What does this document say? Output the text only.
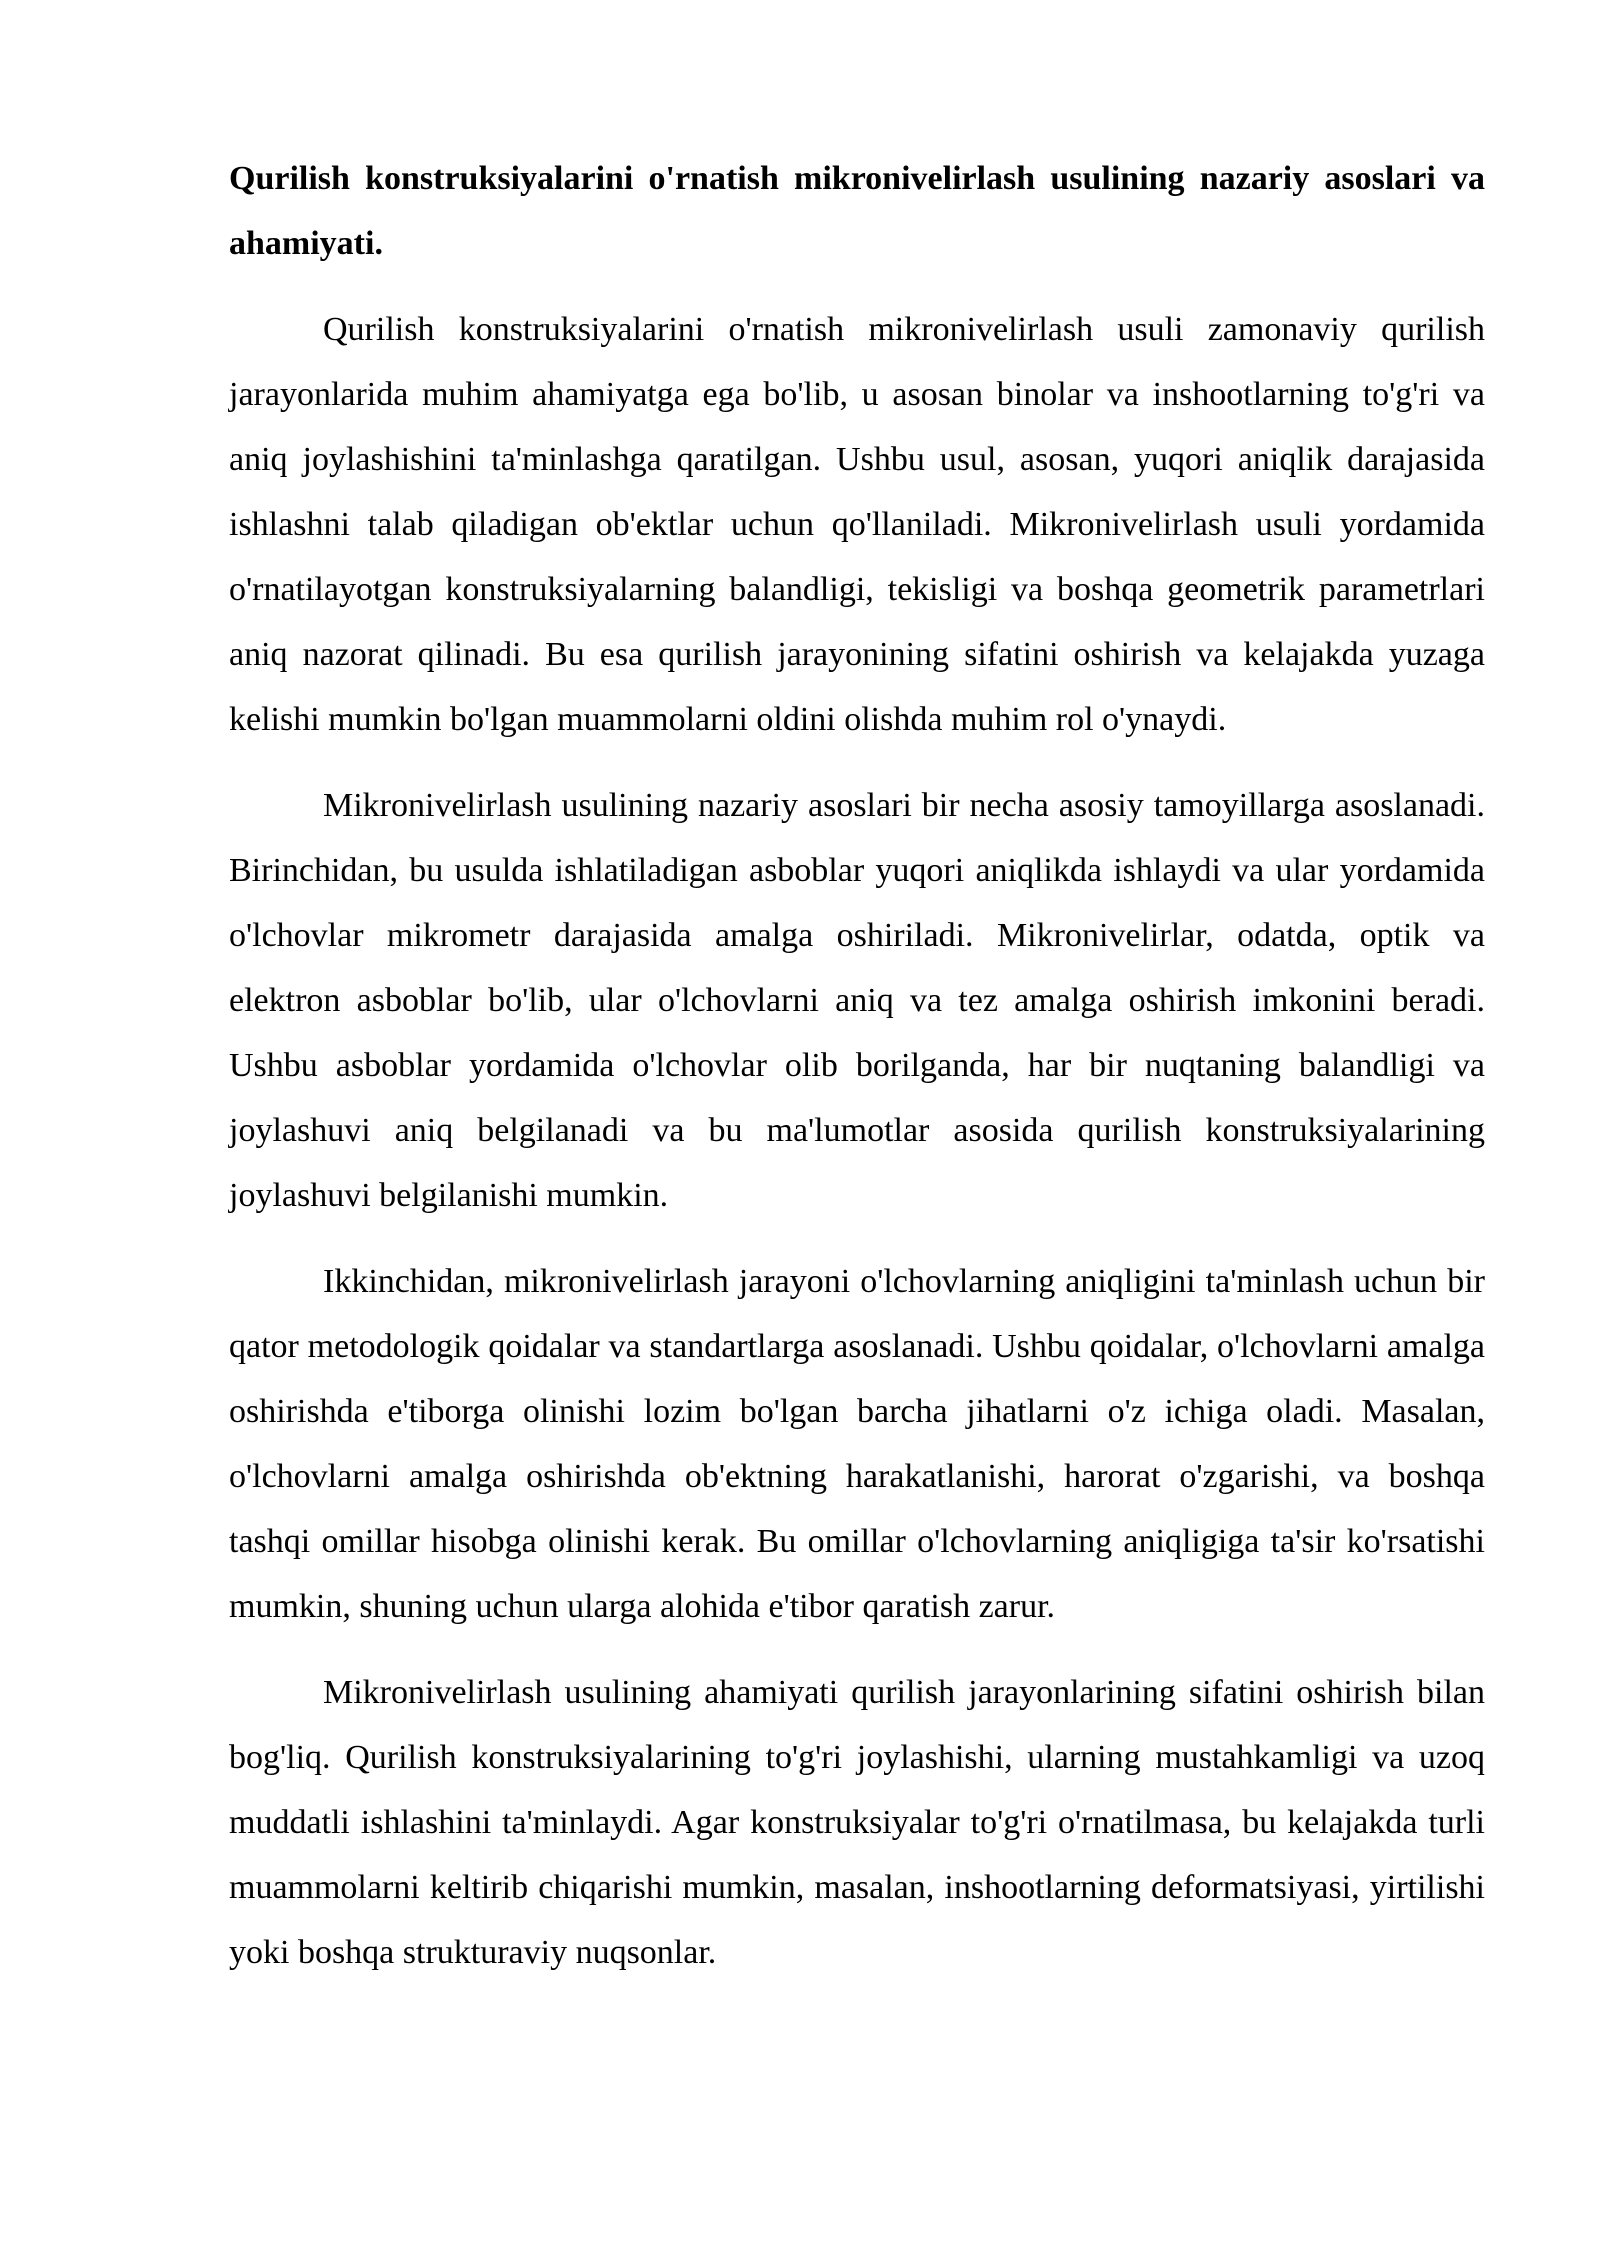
Qurilish konstruksiyalarini o'rnatish mikronivelirlash usulining nazariy asoslari va ahamiyati.

Qurilish konstruksiyalarini o'rnatish mikronivelirlash usuli zamonaviy qurilish jarayonlarida muhim ahamiyatga ega bo'lib, u asosan binolar va inshootlarning to'g'ri va aniq joylashishini ta'minlashga qaratilgan. Ushbu usul, asosan, yuqori aniqlik darajasida ishlashni talab qiladigan ob'ektlar uchun qo'llaniladi. Mikronivelirlash usuli yordamida o'rnatilayotgan konstruksiyalarning balandligi, tekisligi va boshqa geometrik parametrlari aniq nazorat qilinadi. Bu esa qurilish jarayonining sifatini oshirish va kelajakda yuzaga kelishi mumkin bo'lgan muammolarni oldini olishda muhim rol o'ynaydi.

Mikronivelirlash usulining nazariy asoslari bir necha asosiy tamoyillarga asoslanadi. Birinchidan, bu usulda ishlatiladigan asboblar yuqori aniqlikda ishlaydi va ular yordamida o'lchovlar mikrometr darajasida amalga oshiriladi. Mikronivelirlar, odatda, optik va elektron asboblar bo'lib, ular o'lchovlarni aniq va tez amalga oshirish imkonini beradi. Ushbu asboblar yordamida o'lchovlar olib borilganda, har bir nuqtaning balandligi va joylashuvi aniq belgilanadi va bu ma'lumotlar asosida qurilish konstruksiyalarining joylashuvi belgilanishi mumkin.

Ikkinchidan, mikronivelirlash jarayoni o'lchovlarning aniqligini ta'minlash uchun bir qator metodologik qoidalar va standartlarga asoslanadi. Ushbu qoidalar, o'lchovlarni amalga oshirishda e'tiborga olinishi lozim bo'lgan barcha jihatlarni o'z ichiga oladi. Masalan, o'lchovlarni amalga oshirishda ob'ektning harakatlanishi, harorat o'zgarishi, va boshqa tashqi omillar hisobga olinishi kerak. Bu omillar o'lchovlarning aniqligiga ta'sir ko'rsatishi mumkin, shuning uchun ularga alohida e'tibor qaratish zarur.

Mikronivelirlash usulining ahamiyati qurilish jarayonlarining sifatini oshirish bilan bog'liq. Qurilish konstruksiyalarining to'g'ri joylashishi, ularning mustahkamligi va uzoq muddatli ishlashini ta'minlaydi. Agar konstruksiyalar to'g'ri o'rnatilmasa, bu kelajakda turli muammolarni keltirib chiqarishi mumkin, masalan, inshootlarning deformatsiyasi, yirtilishi yoki boshqa strukturaviy nuqsonlar.
